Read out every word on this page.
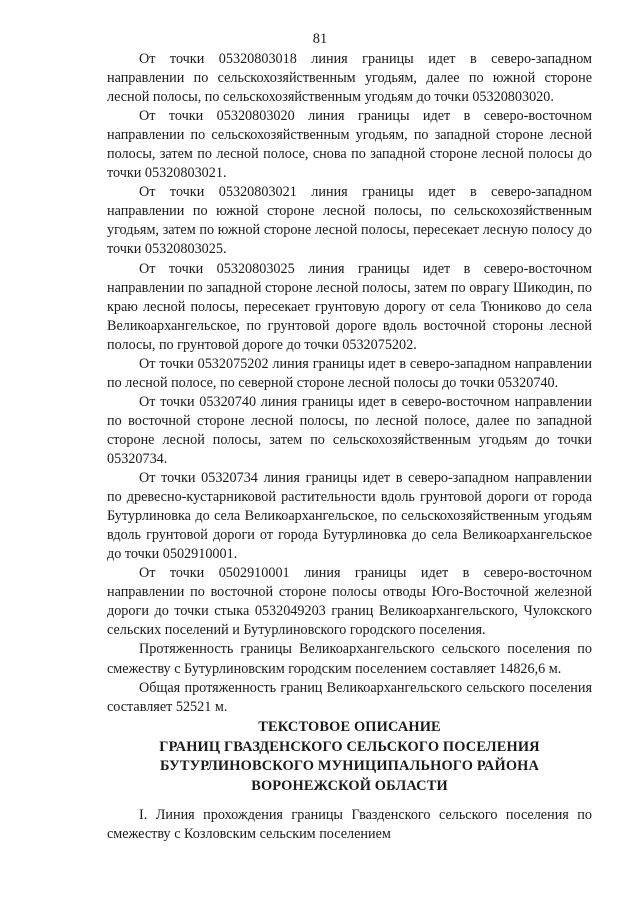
81

От точки 05320803018 линия границы идет в северо-западном направлении по сельскохозяйственным угодьям, далее по южной стороне лесной полосы, по сельскохозяйственным угодьям до точки 05320803020.

От точки 05320803020 линия границы идет в северо-восточном направлении по сельскохозяйственным угодьям, по западной стороне лесной полосы, затем по лесной полосе, снова по западной стороне лесной полосы до точки 05320803021.

От точки 05320803021 линия границы идет в северо-западном направлении по южной стороне лесной полосы, по сельскохозяйственным угодьям, затем по южной стороне лесной полосы, пересекает лесную полосу до точки 05320803025.

От точки 05320803025 линия границы идет в северо-восточном направлении по западной стороне лесной полосы, затем по оврагу Шикодин, по краю лесной полосы, пересекает грунтовую дорогу от села Тюниково до села Великоархангельское, по грунтовой дороге вдоль восточной стороны лесной полосы, по грунтовой дороге до точки 0532075202.

От точки 0532075202 линия границы идет в северо-западном направлении по лесной полосе, по северной стороне лесной полосы до точки 05320740.

От точки 05320740 линия границы идет в северо-восточном направлении по восточной стороне лесной полосы, по лесной полосе, далее по западной стороне лесной полосы, затем по сельскохозяйственным угодьям до точки 05320734.

От точки 05320734 линия границы идет в северо-западном направлении по древесно-кустарниковой растительности вдоль грунтовой дороги от города Бутурлиновка до села Великоархангельское, по сельскохозяйственным угодьям вдоль грунтовой дороги от города Бутурлиновка до села Великоархангельское до точки 0502910001.

От точки 0502910001 линия границы идет в северо-восточном направлении по восточной стороне полосы отводы Юго-Восточной железной дороги до точки стыка 0532049203 границ Великоархангельского, Чулокского сельских поселений и Бутурлиновского городского поселения.

Протяженность границы Великоархангельского сельского поселения по смежеству с Бутурлиновским городским поселением составляет 14826,6 м.

Общая протяженность границ Великоархангельского сельского поселения составляет 52521 м.

ТЕКСТОВОЕ ОПИСАНИЕ
ГРАНИЦ ГВАЗДЕНСКОГО СЕЛЬСКОГО ПОСЕЛЕНИЯ
БУТУРЛИНОВСКОГО МУНИЦИПАЛЬНОГО РАЙОНА
ВОРОНЕЖСКОЙ ОБЛАСТИ

I. Линия прохождения границы Гвазденского сельского поселения по смежеству с Козловским сельским поселением
